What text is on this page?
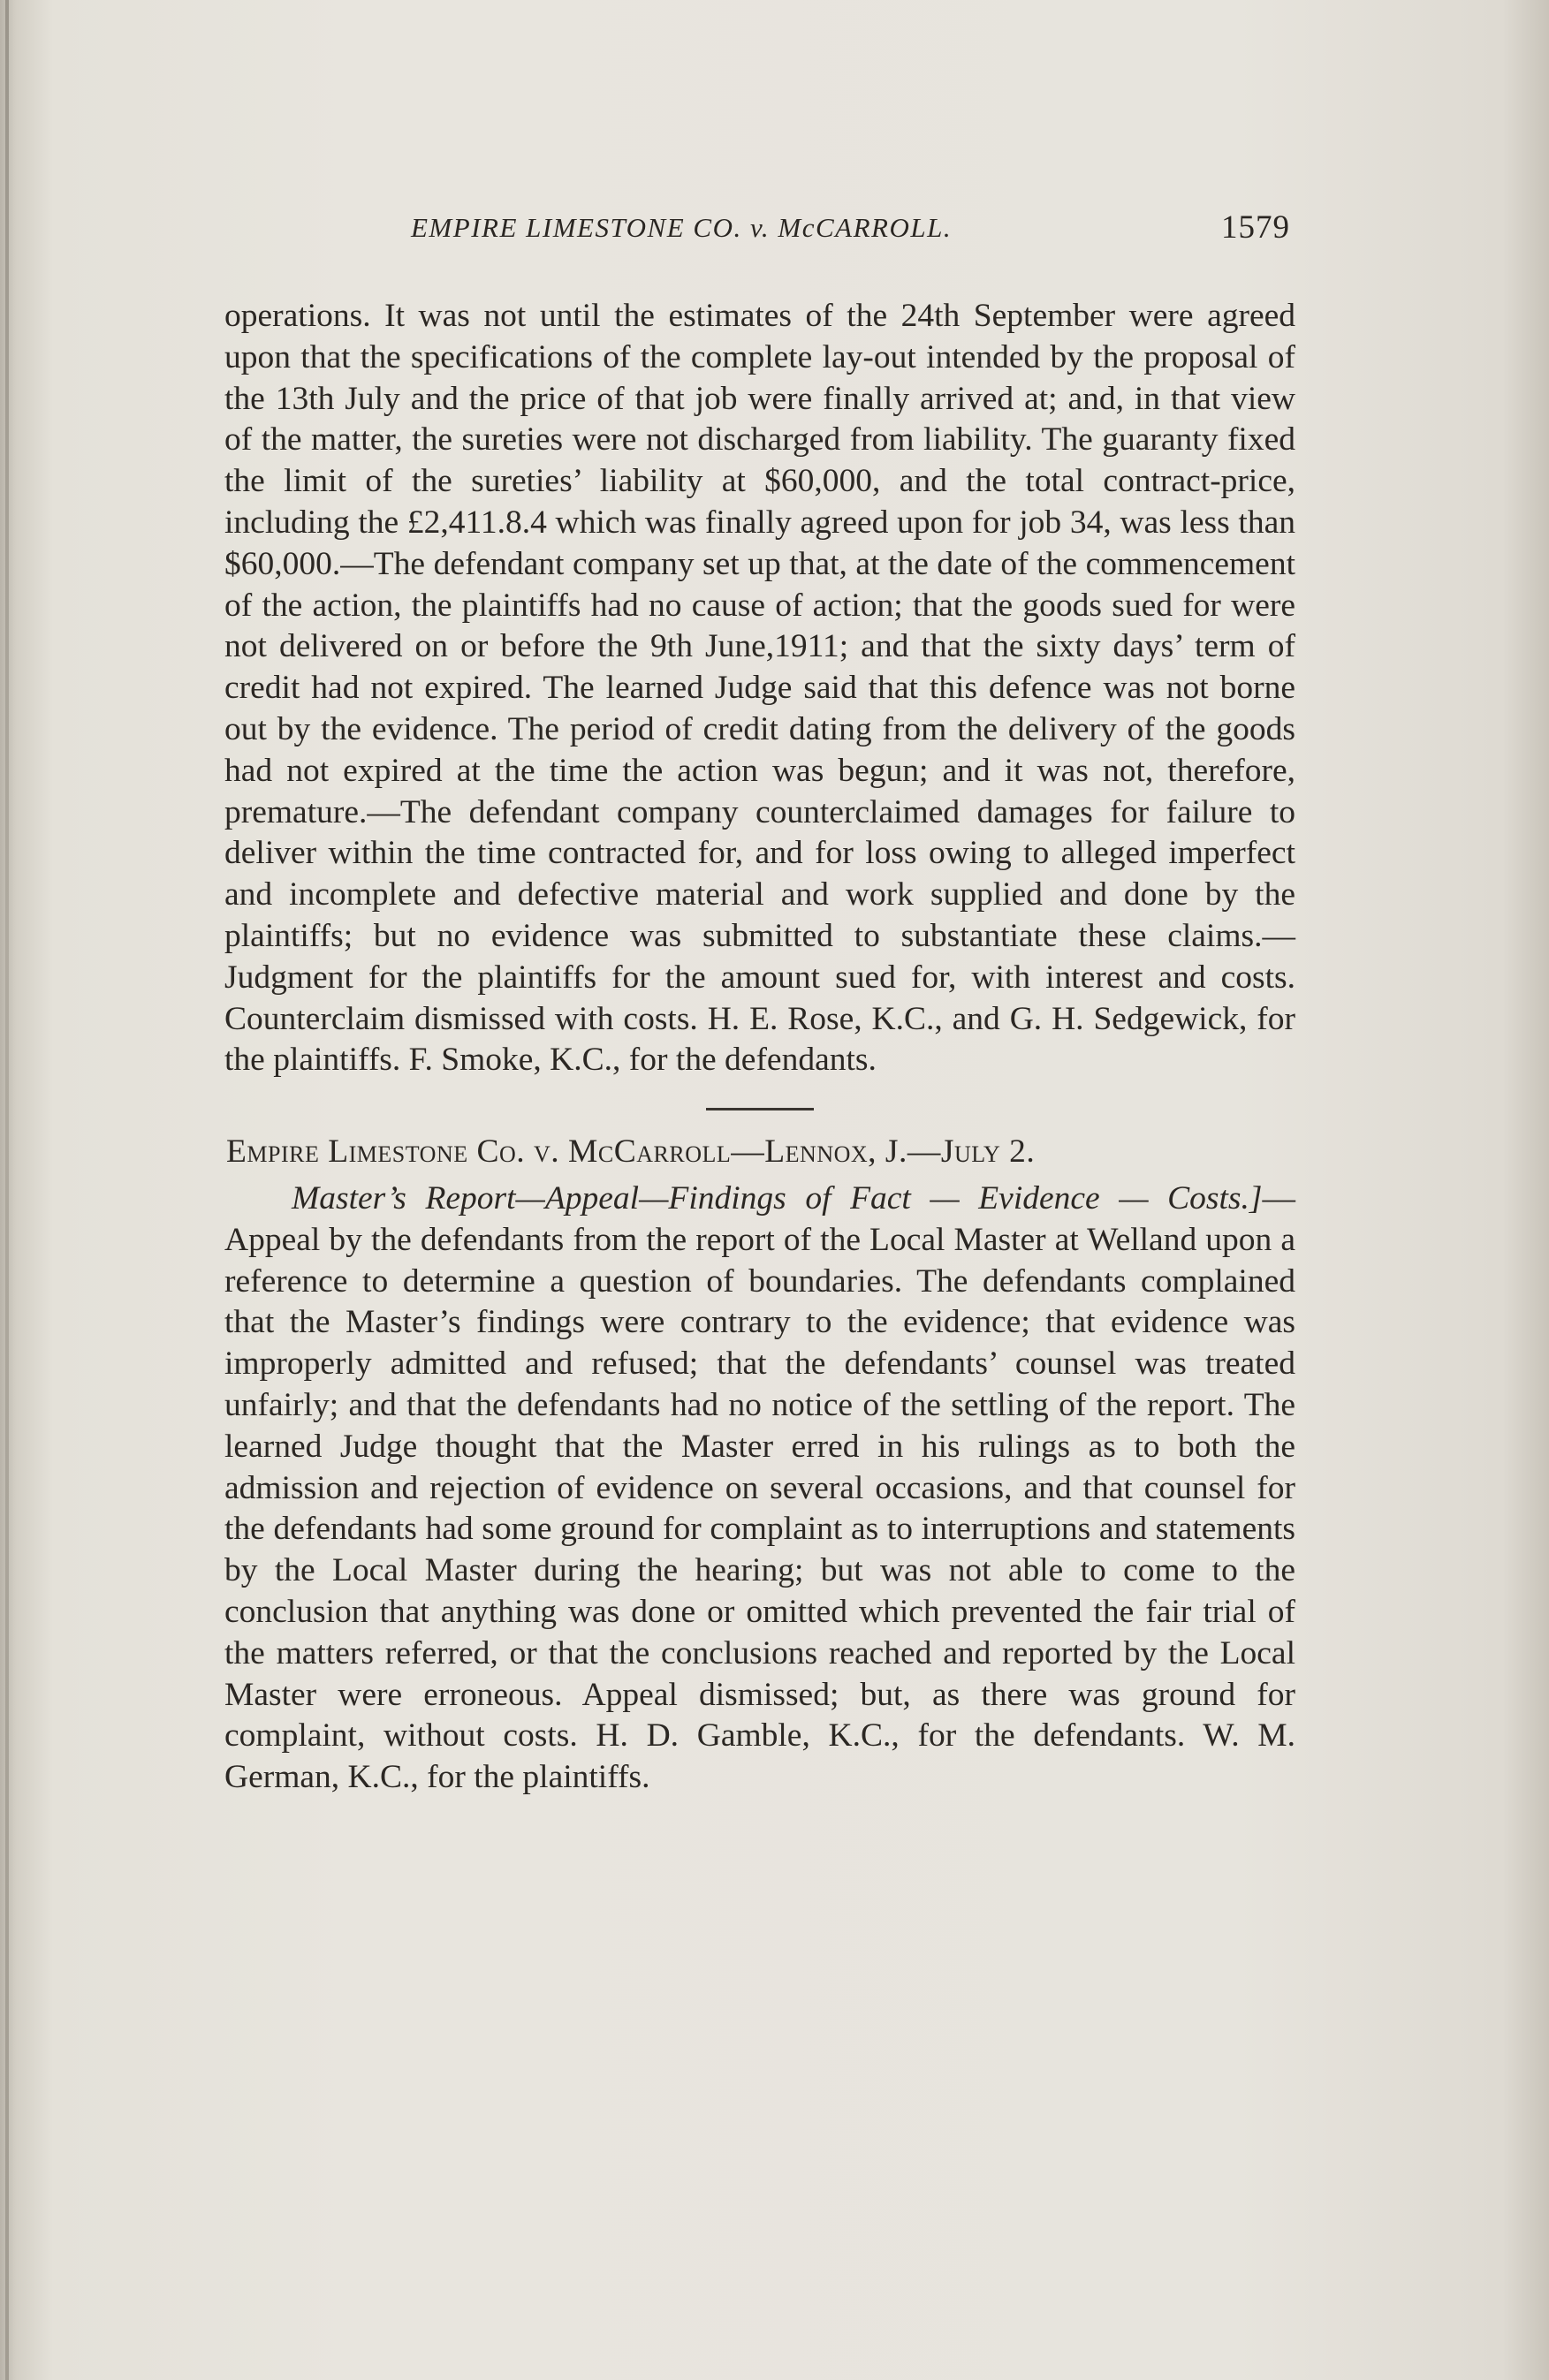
EMPIRE LIMESTONE CO. v. McCARROLL.	1579

operations. It was not until the estimates of the 24th September were agreed upon that the specifications of the complete lay-out intended by the proposal of the 13th July and the price of that job were finally arrived at; and, in that view of the matter, the sureties were not discharged from liability. The guaranty fixed the limit of the sureties’ liability at $60,000, and the total contract-price, including the £2,411.8.4 which was finally agreed upon for job 34, was less than $60,000.—The defendant company set up that, at the date of the commencement of the action, the plaintiffs had no cause of action; that the goods sued for were not delivered on or before the 9th June,1911; and that the sixty days’ term of credit had not expired. The learned Judge said that this defence was not borne out by the evidence. The period of credit dating from the delivery of the goods had not expired at the time the action was begun; and it was not, therefore, premature.—The defendant company counterclaimed damages for failure to deliver within the time contracted for, and for loss owing to alleged imperfect and incomplete and defective material and work supplied and done by the plaintiffs; but no evidence was submitted to substantiate these claims.—Judgment for the plaintiffs for the amount sued for, with interest and costs. Counterclaim dismissed with costs. H. E. Rose, K.C., and G. H. Sedgewick, for the plaintiffs. F. Smoke, K.C., for the defendants.

Empire Limestone Co. v. McCarroll—Lennox, J.—July 2.

Master’s Report—Appeal—Findings of Fact — Evidence — Costs.]—Appeal by the defendants from the report of the Local Master at Welland upon a reference to determine a question of boundaries. The defendants complained that the Master’s findings were contrary to the evidence; that evidence was improperly admitted and refused; that the defendants’ counsel was treated unfairly; and that the defendants had no notice of the settling of the report. The learned Judge thought that the Master erred in his rulings as to both the admission and rejection of evidence on several occasions, and that counsel for the defendants had some ground for complaint as to interruptions and statements by the Local Master during the hearing; but was not able to come to the conclusion that anything was done or omitted which prevented the fair trial of the matters referred, or that the conclusions reached and reported by the Local Master were erroneous. Appeal dismissed; but, as there was ground for complaint, without costs. H. D. Gamble, K.C., for the defendants. W. M. German, K.C., for the plaintiffs.
